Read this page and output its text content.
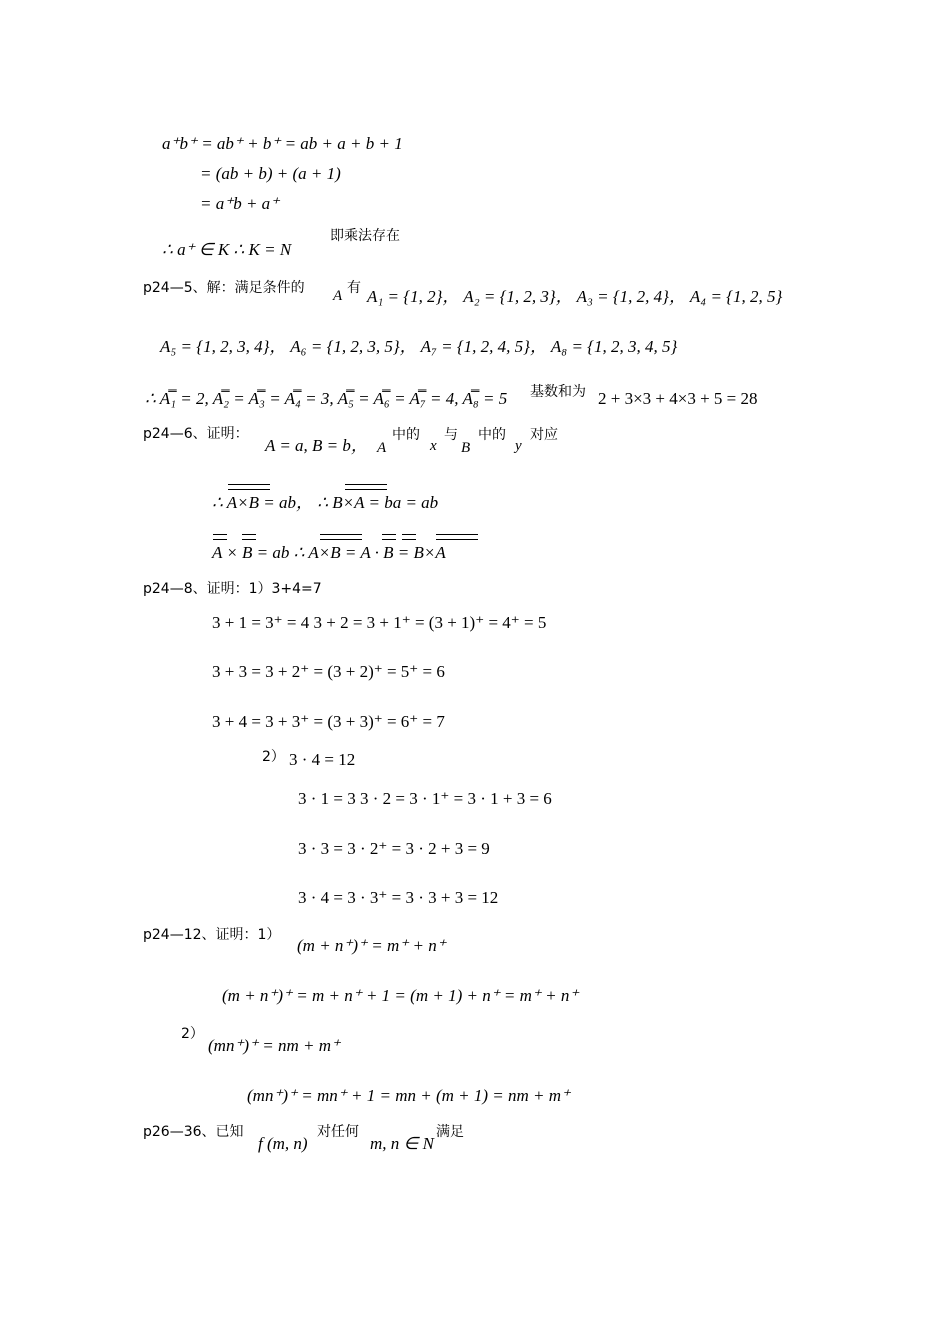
a⁺b⁺ = ab⁺ + b⁺ = ab + a + b + 1
= (ab + b) + (a + 1)
= a⁺b + a⁺
∴ a⁺ ∈ K ∴ K = N
即乘法存在
p24—5、解：满足条件的 A 有 A₁ = {1, 2}， A₂ = {1, 2, 3}， A₃ = {1, 2, 4}， A₄ = {1, 2, 5}
A₅ = {1, 2, 3, 4}， A₆ = {1, 2, 3, 5}， A₇ = {1, 2, 4, 5}， A₈ = {1, 2, 3, 4, 5}
∴ A̿₁ = 2, A̿₂ = A̿₃ = A̿₄ = 3, A̿₅ = A̿₆ = A̿₇ = 4, A̿₈ = 5 基数和为 2 + 3×3 + 4×3 + 5 = 28
p24—6、证明：
A = a, B = b， A
中的
x
与
B
中的
y
对应
∴ A×B = ab， ∴ B×A = ba = ab
A × B = ab ∴ A×B = A · B = B×A
p24—8、证明：1）3+4=7
3 + 1 = 3⁺ = 4 3 + 2 = 3 + 1⁺ = (3 + 1)⁺ = 4⁺ = 5
3 + 3 = 3 + 2⁺ = (3 + 2)⁺ = 5⁺ = 6
3 + 4 = 3 + 3⁺ = (3 + 3)⁺ = 6⁺ = 7
2） 3 · 4 = 12
3 · 1 = 3 3 · 2 = 3 · 1⁺ = 3 · 1 + 3 = 6
3 · 3 = 3 · 2⁺ = 3 · 2 + 3 = 9
3 · 4 = 3 · 3⁺ = 3 · 3 + 3 = 12
p24—12、证明：1）
(m + n⁺)⁺ = m⁺ + n⁺
(m + n⁺)⁺ = m + n⁺ + 1 = (m + 1) + n⁺ = m⁺ + n⁺
2）
(mn⁺)⁺ = nm + m⁺
(mn⁺)⁺ = mn⁺ + 1 = mn + (m + 1) = nm + m⁺
p26—36、已知
f (m, n)
对任何
m, n ∈ N
满足
